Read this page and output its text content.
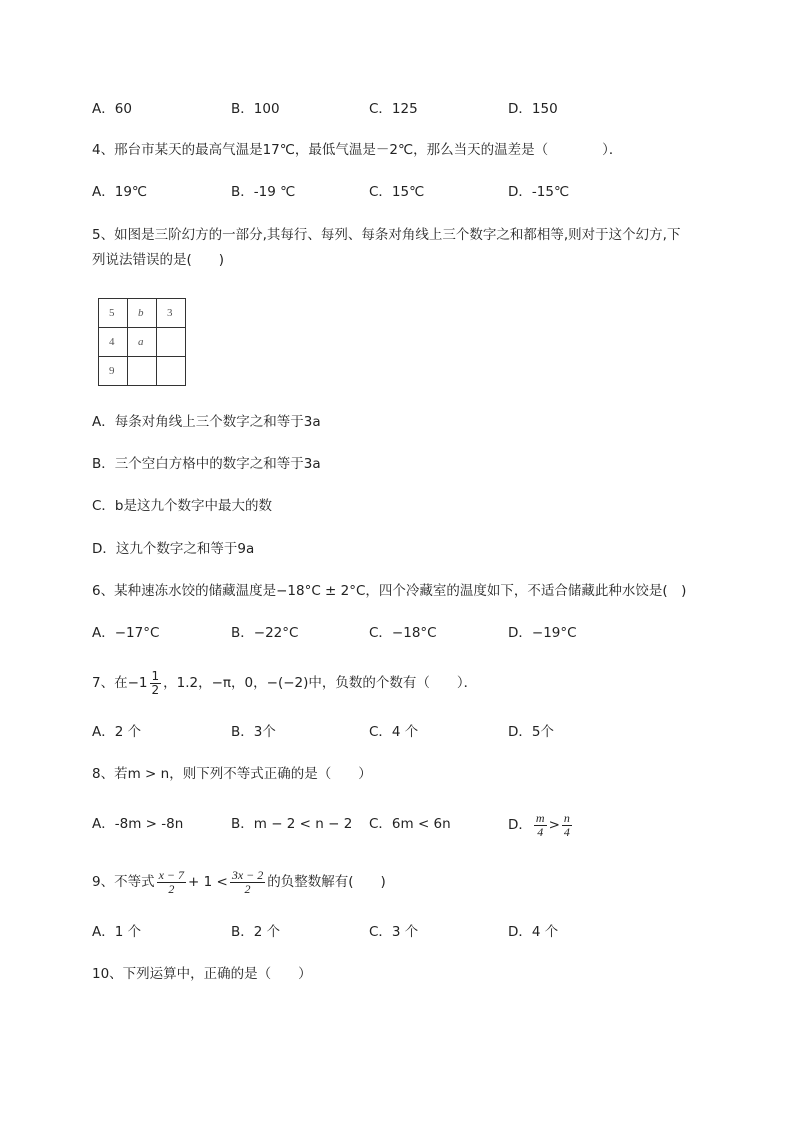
A．60	B．100	C．125	D．150
4、邢台市某天的最高气温是17℃，最低气温是－2℃，那么当天的温差是（　　　　）．
A．19℃	B．-19 ℃	C．15℃	D．-15℃
5、如图是三阶幻方的一部分,其每行、每列、每条对角线上三个数字之和都相等,则对于这个幻方,下
列说法错误的是(　　)
5	b	3
4	a	
9		
A．每条对角线上三个数字之和等于3a
B．三个空白方格中的数字之和等于3a
C．b是这九个数字中最大的数
D．这九个数字之和等于9a
6、某种速冻水饺的储藏温度是−18°C ± 2°C，四个冷藏室的温度如下，不适合储藏此种水饺是(　)
A．−17°C	B．−22°C	C．−18°C	D．−19°C
7、在$-1 \frac{1}{2}$ ，1.2，−π，0，−(−2)中，负数的个数有（　　）．
A．2 个	B．3个	C．4 个	D．5个
8、若m > n，则下列不等式正确的是（　　）
A．-8m > -8n	B．m − 2 < n − 2 C．6m < 6n	D． $\frac{m}{4} > \frac{n}{4}$
9、不等式 $\frac{x - 7}{2} + 1 < \frac{3x - 2}{2}$ 的负整数解有(　　)
A．1 个	B．2 个	C．3 个	D．4 个
10、下列运算中，正确的是（　　）
